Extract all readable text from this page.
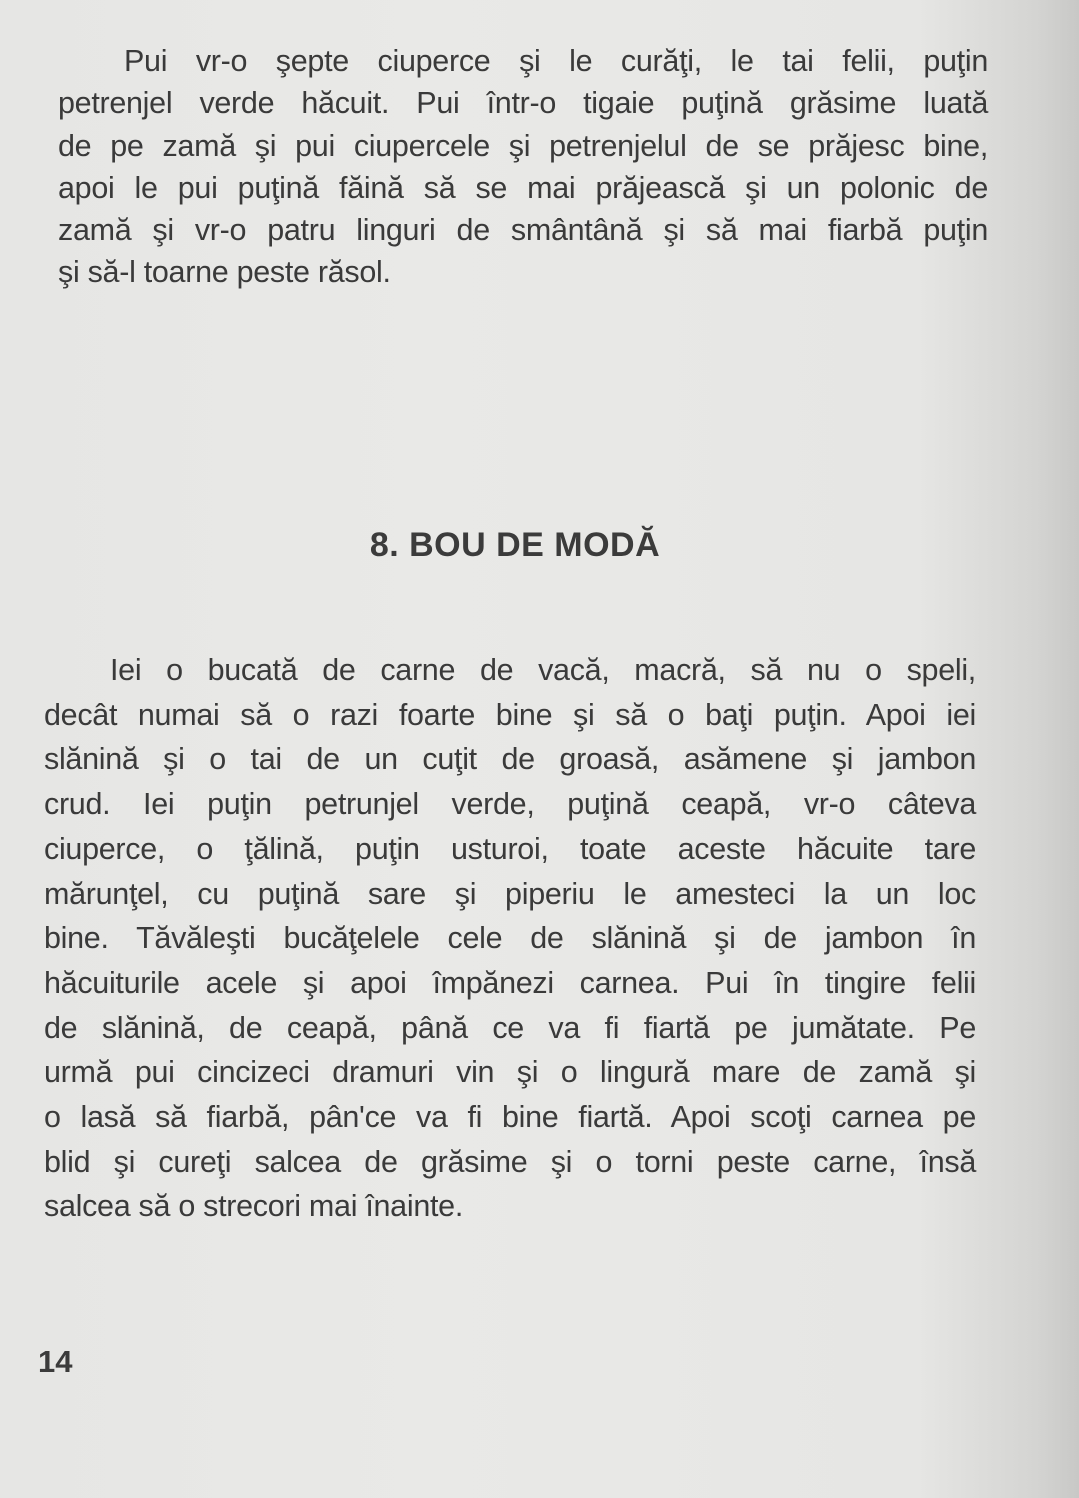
Pui vr-o şepte ciuperce şi le curăţi, le tai felii, puţin
petrenjel verde hăcuit. Pui într-o tigaie puţină grăsime luată
de pe zamă şi pui ciupercele şi petrenjelul de se prăjesc bine,
apoi le pui puţină făină să se mai prăjească şi un polonic de
zamă şi vr-o patru linguri de smântână şi să mai fiarbă puţin
şi să-l toarne peste răsol.
8. BOU DE MODĂ
Iei o bucată de carne de vacă, macră, să nu o speli,
decât numai să o razi foarte bine şi să o baţi puţin. Apoi iei
slănină şi o tai de un cuţit de groasă, asămene şi jambon
crud. Iei puţin petrunjel verde, puţină ceapă, vr-o câteva
ciuperce, o ţălină, puţin usturoi, toate aceste hăcuite tare
mărunţel, cu puţină sare şi piperiu le amesteci la un loc
bine. Tăvăleşti bucăţelele cele de slănină şi de jambon în
hăcuiturile acele şi apoi împănezi carnea. Pui în tingire felii
de slănină, de ceapă, până ce va fi fiartă pe jumătate. Pe
urmă pui cincizeci dramuri vin şi o lingură mare de zamă şi
o lasă să fiarbă, pân'ce va fi bine fiartă. Apoi scoţi carnea pe
blid şi cureţi salcea de grăsime şi o torni peste carne, însă
salcea să o strecori mai înainte.
14
